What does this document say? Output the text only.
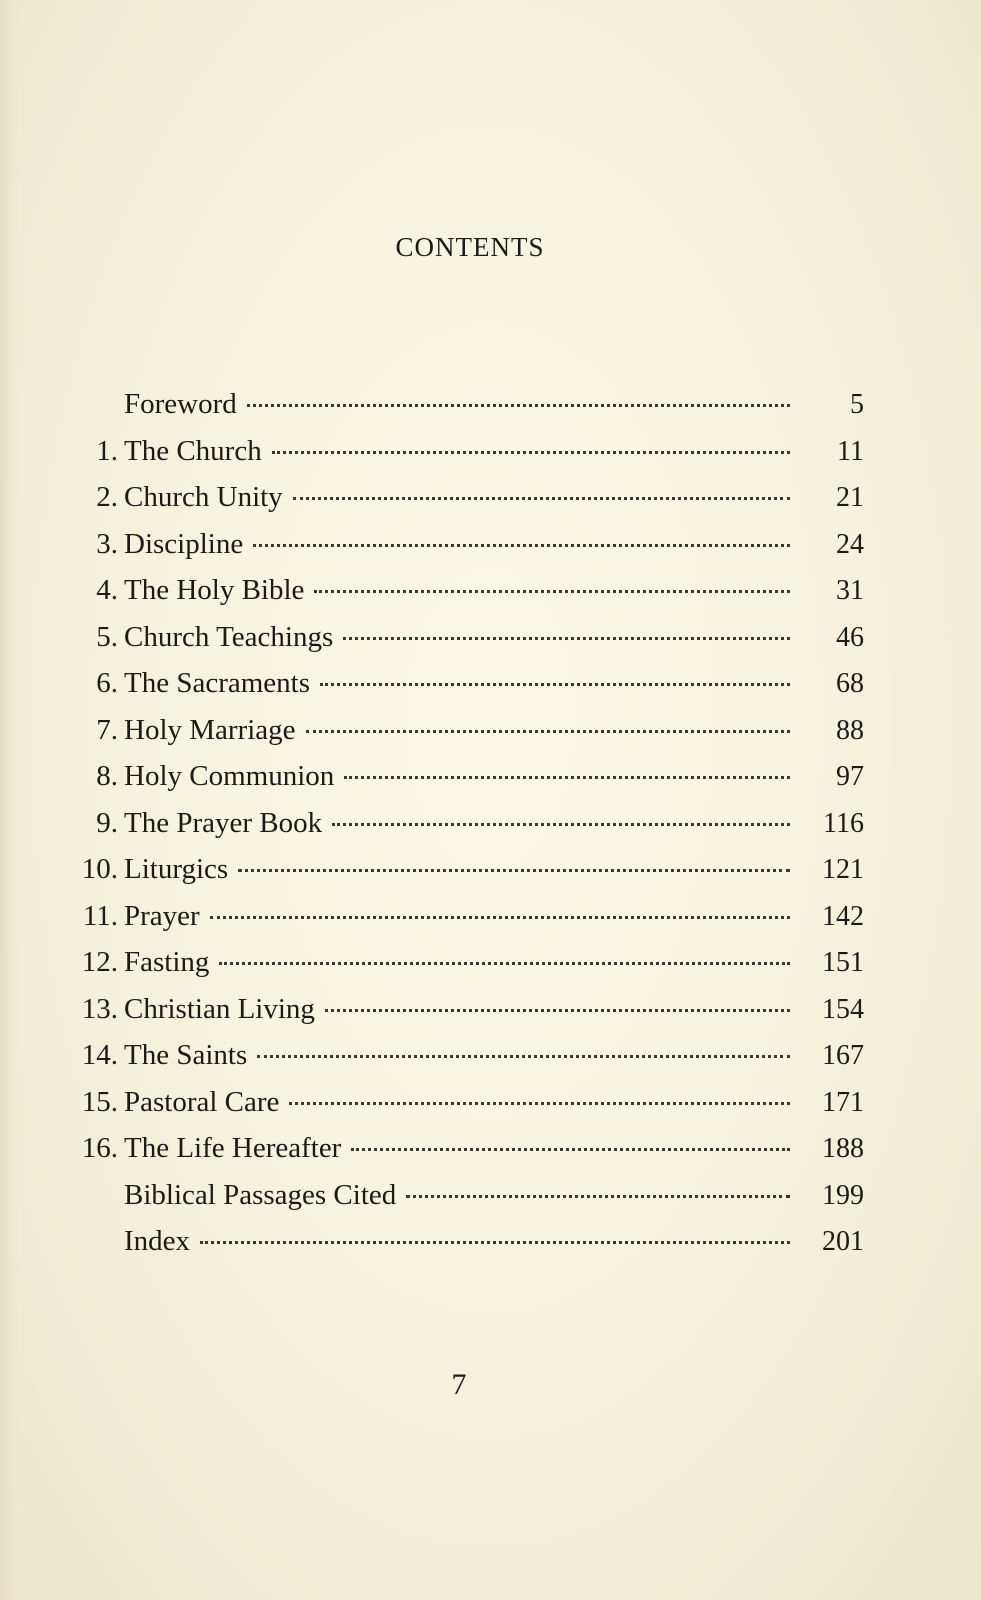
CONTENTS
Foreword	5
1. The Church	11
2. Church Unity	21
3. Discipline	24
4. The Holy Bible	31
5. Church Teachings	46
6. The Sacraments	68
7. Holy Marriage	88
8. Holy Communion	97
9. The Prayer Book	116
10. Liturgics	121
11. Prayer	142
12. Fasting	151
13. Christian Living	154
14. The Saints	167
15. Pastoral Care	171
16. The Life Hereafter	188
Biblical Passages Cited	199
Index	201
7
